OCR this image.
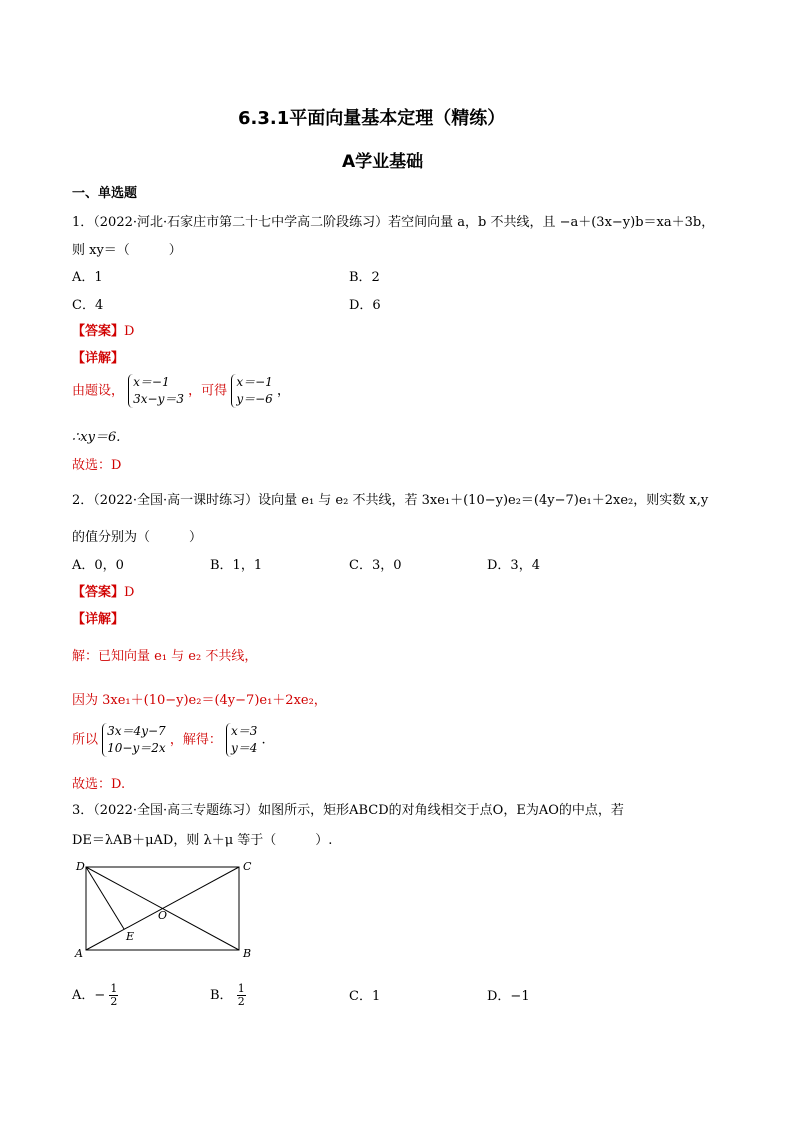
6.3.1平面向量基本定理（精练）
A学业基础
一、单选题
1．（2022·河北·石家庄市第二十七中学高二阶段练习）若空间向量 a，b 不共线，且 −a＋(3x−y)b＝xa＋3b，
则 xy＝（　　　）
A．1	B．2
C．4	D．6
【答案】D
【详解】
由题设，
x＝−1
3x−y＝3
，可得
x＝−1
y＝−6
，
∴xy＝6.
故选：D
2．（2022·全国·高一课时练习）设向量 e₁ 与 e₂ 不共线，若 3xe₁＋(10−y)e₂＝(4y−7)e₁＋2xe₂，则实数 x,y
的值分别为（　　　）
A．0，0	B．1，1	C．3，0	D．3，4
【答案】D
【详解】
解：已知向量 e₁ 与 e₂ 不共线，
因为 3xe₁＋(10−y)e₂＝(4y−7)e₁＋2xe₂，
所以
3x＝4y−7
10−y＝2x
，解得：
x＝3
y＝4
.
故选：D.
3．（2022·全国·高三专题练习）如图所示，矩形ABCD的对角线相交于点O，E为AO的中点，若
DE＝λAB＋μAD，则 λ＋μ 等于（　　　）.
D	C
O
E
A	B
A．− $\frac{1}{2}$	B． $\frac{1}{2}$	C．1	D．−1
